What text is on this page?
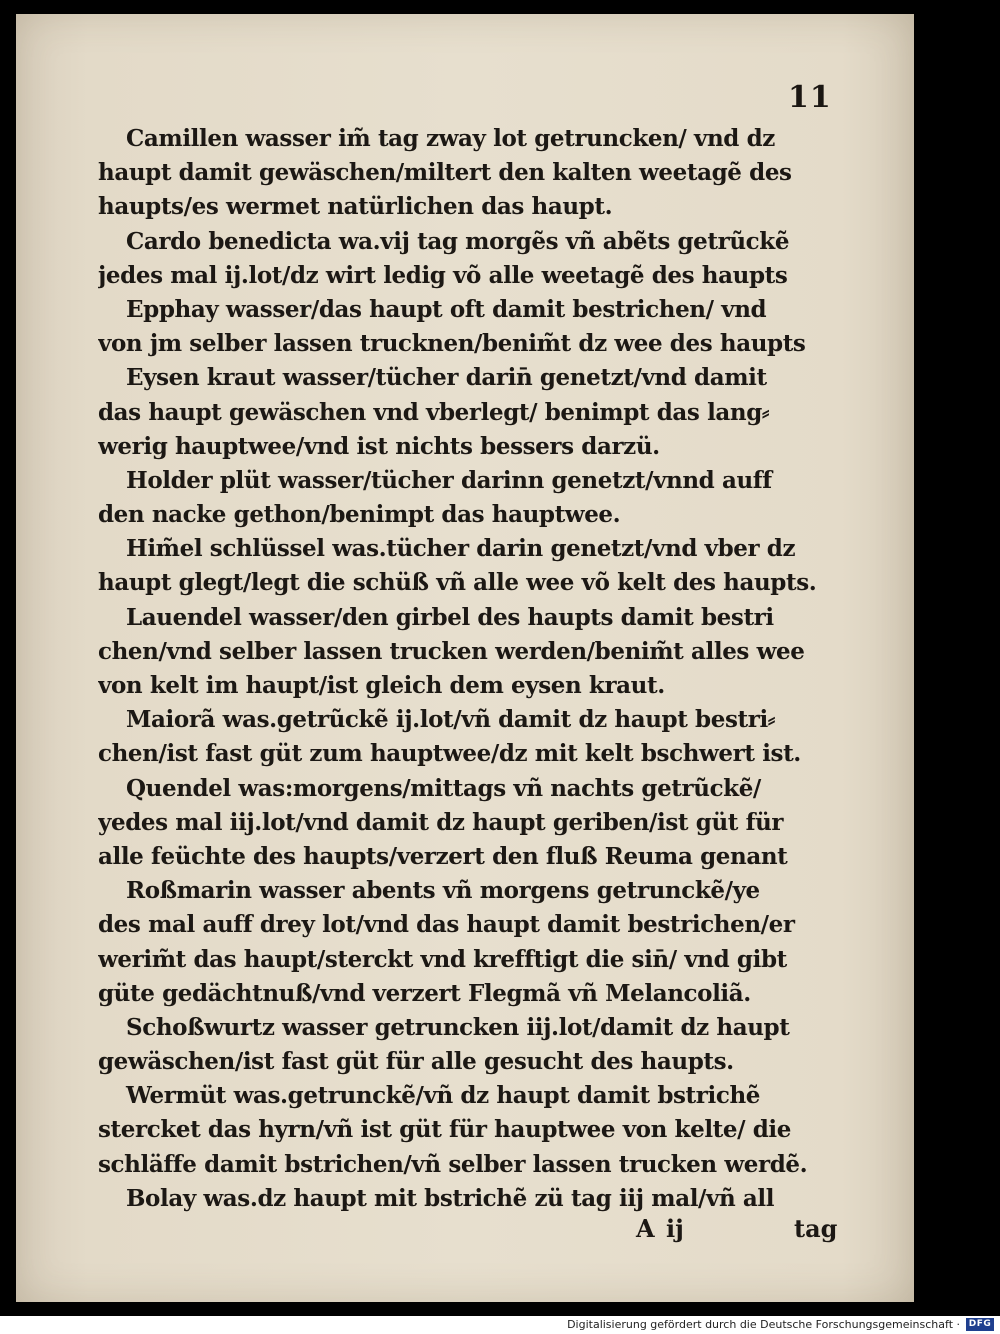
11
Camillen wasser im̃ tag zway lot getruncken/ vnd dz
haupt damit gewäschen/miltert den kalten weetagẽ des
haupts/es wermet natürlichen das haupt.
Cardo benedicta wa.vij tag morgẽs vñ abẽts getrũckẽ
jedes mal ij.lot/dz wirt ledig võ alle weetagẽ des haupts
Epphay wasser/das haupt oft damit bestrichen/ vnd
von jm selber lassen trucknen/benim̃t dz wee des haupts
Eysen kraut wasser/tücher darin̄ genetzt/vnd damit
das haupt gewäschen vnd vberlegt/ benimpt das lang⸗
werig hauptwee/vnd ist nichts bessers darzü.
Holder plüt wasser/tücher darinn genetzt/vnnd auff
den nacke gethon/benimpt das hauptwee.
Him̃el schlüssel was.tücher darin genetzt/vnd vber dz
haupt glegt/legt die schüß vñ alle wee võ kelt des haupts.
Lauendel wasser/den girbel des haupts damit bestri
chen/vnd selber lassen trucken werden/benim̃t alles wee
von kelt im haupt/ist gleich dem eysen kraut.
Maiorã was.getrũckẽ ij.lot/vñ damit dz haupt bestri⸗
chen/ist fast güt zum hauptwee/dz mit kelt bschwert ist.
Quendel was:morgens/mittags vñ nachts getrũckẽ/
yedes mal iij.lot/vnd damit dz haupt geriben/ist güt für
alle feüchte des haupts/verzert den fluß Reuma genant
Roßmarin wasser abents vñ morgens getrunckẽ/ye
des mal auff drey lot/vnd das haupt damit bestrichen/er
werim̃t das haupt/sterckt vnd krefftigt die sin̄/ vnd gibt
güte gedächtnuß/vnd verzert Flegmã vñ Melancoliã.
Schoßwurtz wasser getruncken iij.lot/damit dz haupt
gewäschen/ist fast güt für alle gesucht des haupts.
Wermüt was.getrunckẽ/vñ dz haupt damit bstrichẽ
stercket das hyrn/vñ ist güt für hauptwee von kelte/ die
schläffe damit bstrichen/vñ selber lassen trucken werdẽ.
Bolay was.dz haupt mit bstrichẽ zü tag iij mal/vñ all
A ij	tag
Digitalisierung gefördert durch die Deutsche Forschungsgemeinschaft · DFG
